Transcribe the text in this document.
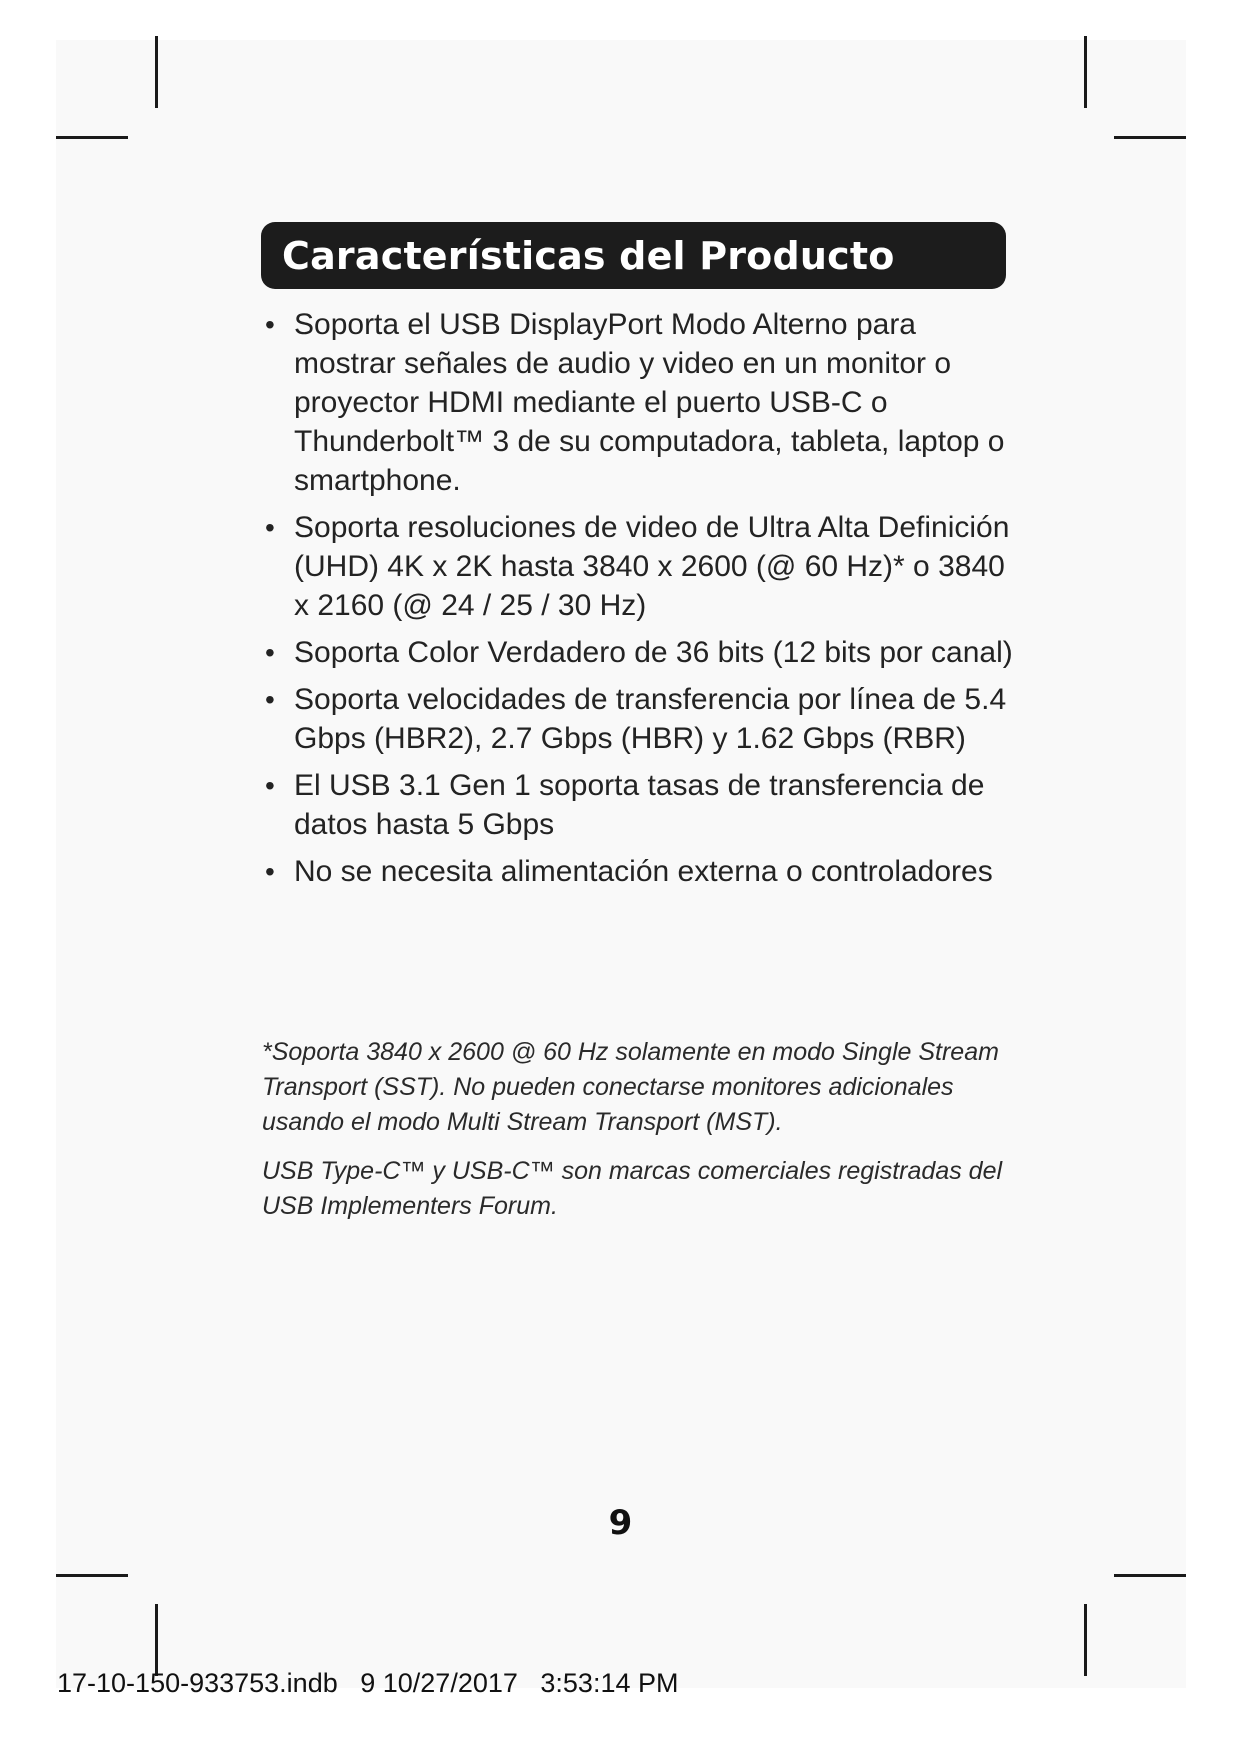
Características del Producto
• Soporta el USB DisplayPort Modo Alterno para mostrar señales de audio y video en un monitor o proyector HDMI mediante el puerto USB-C o Thunderbolt™ 3 de su computadora, tableta, laptop o smartphone.
• Soporta resoluciones de video de Ultra Alta Definición (UHD) 4K x 2K hasta 3840 x 2600 (@ 60 Hz)* o 3840 x 2160 (@ 24 / 25 / 30 Hz)
• Soporta Color Verdadero de 36 bits (12 bits por canal)
• Soporta velocidades de transferencia por línea de 5.4 Gbps (HBR2), 2.7 Gbps (HBR) y 1.62 Gbps (RBR)
• El USB 3.1 Gen 1 soporta tasas de transferencia de datos hasta 5 Gbps
• No se necesita alimentación externa o controladores

*Soporta 3840 x 2600 @ 60 Hz solamente en modo Single Stream Transport (SST). No pueden conectarse monitores adicionales usando el modo Multi Stream Transport (MST).

USB Type-C™ y USB-C™ son marcas comerciales registradas del USB Implementers Forum.

9
17-10-150-933753.indb   9 10/27/2017   3:53:14 PM
